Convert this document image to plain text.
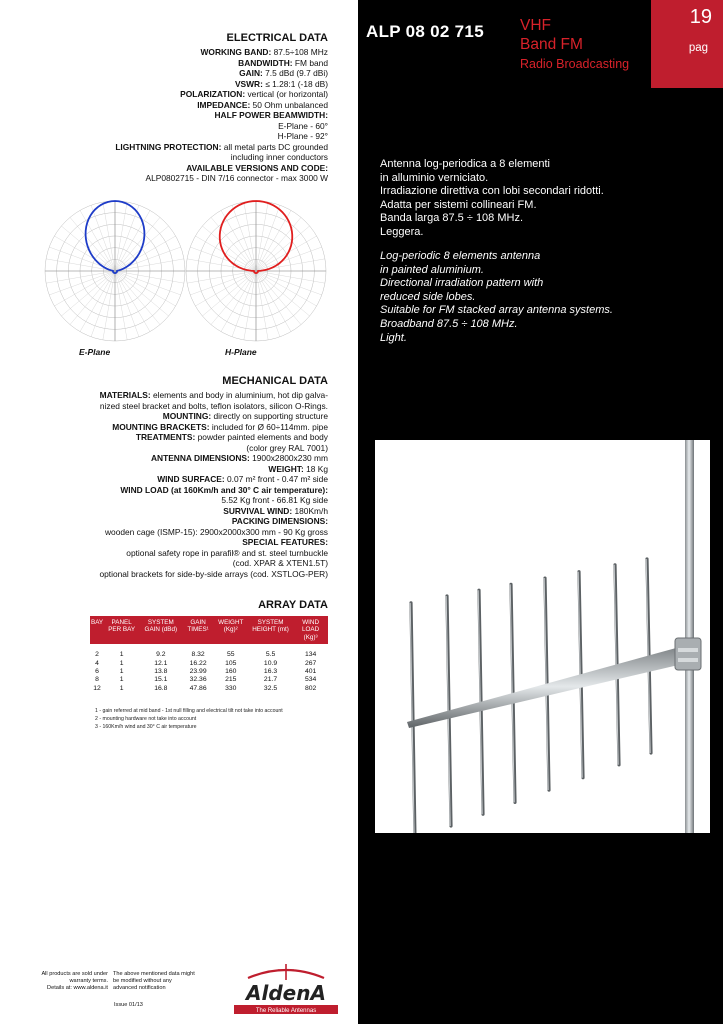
ALP 08 02 715 VHF
Band FM
Radio Broadcasting
19
pag
Antenna log-periodica a 8 elementi
in alluminio verniciato.
Irradiazione direttiva con lobi secondari ridotti.
Adatta per sistemi collineari FM.
Banda larga 87.5 ÷ 108 MHz.
Leggera.
Log-periodic 8 elements antenna
in painted aluminium.
Directional irradiation pattern with
reduced side lobes.
Suitable for FM stacked array antenna systems.
Broadband 87.5 ÷ 108 MHz.
Light.
ELECTRICAL DATA
WORKING BAND: 87.5÷108 MHz
BANDWIDTH: FM band
GAIN: 7.5 dBd (9.7 dBi)
VSWR: ≤ 1.28:1 (-18 dB)
POLARIZATION: vertical (or horizontal)
IMPEDANCE: 50 Ohm unbalanced
HALF POWER BEAMWIDTH:
E-Plane - 60°
H-Plane - 92°
LIGHTNING PROTECTION: all metal parts DC grounded
including inner conductors
AVAILABLE VERSIONS AND CODE:
ALP0802715 - DIN 7/16 connector - max 3000 W
E-Plane	H-Plane
MECHANICAL DATA
MATERIALS: elements and body in aluminium, hot dip galva-
nized steel bracket and bolts, teflon isolators, silicon O-Rings.
MOUNTING: directly on supporting structure
MOUNTING BRACKETS: included for Ø 60÷114mm. pipe
TREATMENTS: powder painted elements and body
(color grey RAL 7001)
ANTENNA DIMENSIONS: 1900x2800x230 mm
WEIGHT: 18 Kg
WIND SURFACE: 0.07 m² front - 0.47 m² side
WIND LOAD (at 160Km/h and 30° C air temperature):
5.52 Kg front - 66.81 Kg side
SURVIVAL WIND: 180Km/h
PACKING DIMENSIONS:
wooden cage (ISMP-15): 2900x2000x300 mm - 90 Kg gross
SPECIAL FEATURES:
optional safety rope in parafil® and st. steel turnbuckle
(cod. XPAR & XTEN1.5T)
optional brackets for side-by-side arrays (cod. XSTLOG-PER)
ARRAY DATA
BAY	PANEL PER BAY	SYSTEM GAIN (dBd)	GAIN TIMES¹	WEIGHT (Kg)²	SYSTEM HEIGHT (mt)	WIND LOAD (Kg)³
2	1	9.2	8.32	55	5.5	134
4	1	12.1	16.22	105	10.9	267
6	1	13.8	23.99	160	16.3	401
8	1	15.1	32.36	215	21.7	534
12	1	16.8	47.86	330	32.5	802
1 - gain referred at mid band - 1st null filling and electrical tilt not take into account
2 - mounting hardware not take into account
3 - 160Km/h wind and 30° C air temperature
All products are sold under
warranty terms.
Details at: www.aldena.it
The above mentioned data might
be modified without any
advanced notification
Issue 01/13	AldenA
The Reliable Antennas
